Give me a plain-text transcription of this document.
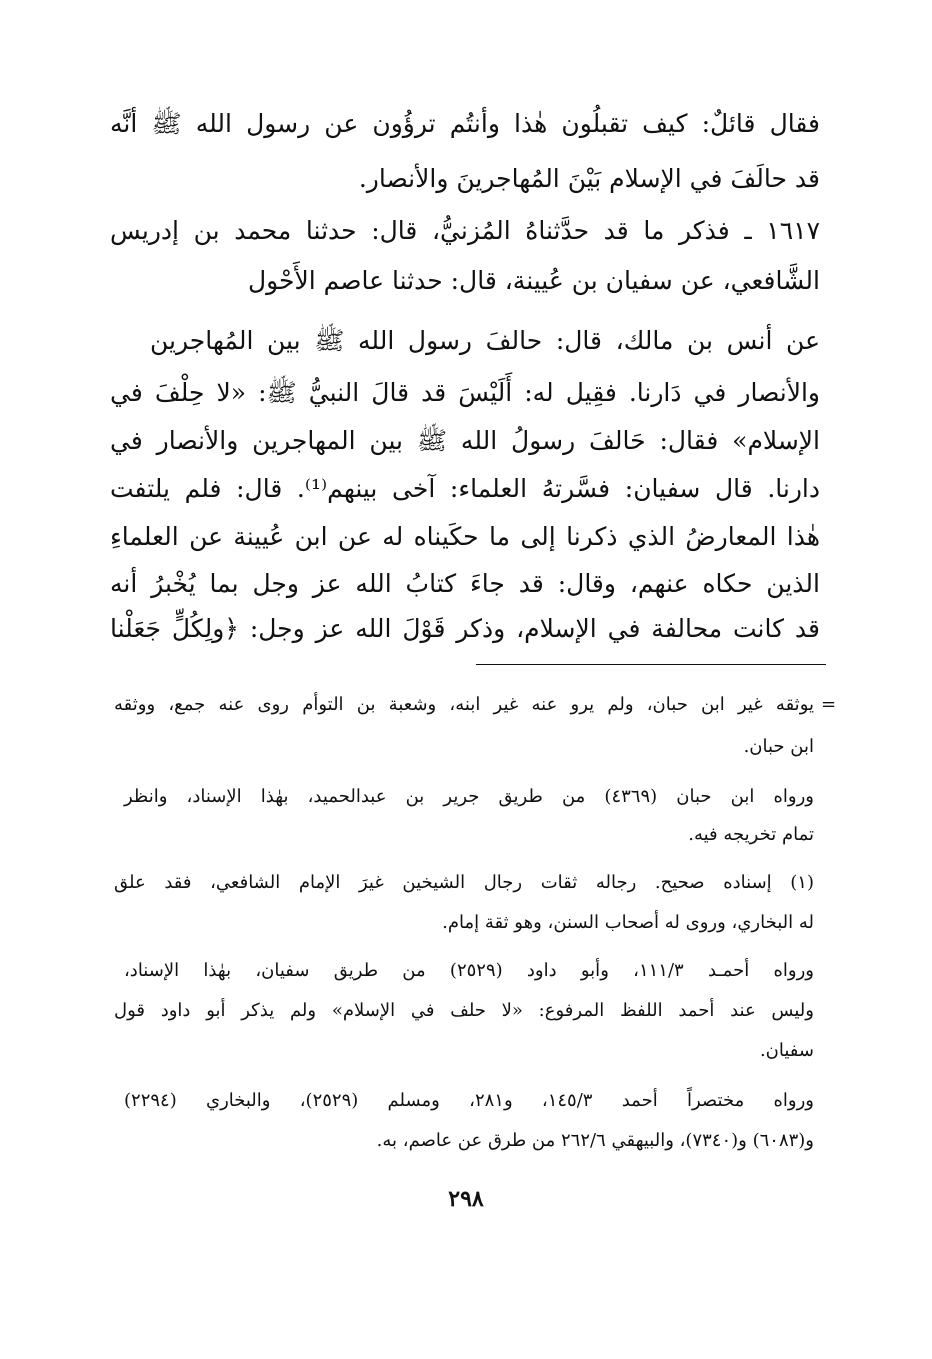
فقال قائلٌ: كيف تقبلُون هٰذا وأنتُم ترؤُون عن رسول الله ﷺ أنَّه
قد حالَفَ في الإسلام بَيْنَ المُهاجرينَ والأنصار.
١٦١٧ ـ فذكر ما قد حدَّثناهُ المُزنيُّ، قال: حدثنا محمد بن إدريس
الشَّافعي، عن سفيان بن عُيينة، قال: حدثنا عاصم الأَحْول
عن أنس بن مالك، قال: حالفَ رسول الله ﷺ بين المُهاجرين
والأنصار في دَارنا. فقِيل له: أَلَيْسَ قد قالَ النبيُّ ﷺ: «لا حِلْفَ في
الإسلام» فقال: حَالفَ رسولُ الله ﷺ بين المهاجرين والأنصار في
دارنا. قال سفيان: فسَّرتهُ العلماء: آخى بينهم⁽¹⁾. قال: فلم يلتفت
هٰذا المعارضُ الذي ذكرنا إلى ما حكَيناه له عن ابن عُيينة عن العلماءِ
الذين حكاه عنهم، وقال: قد جاءَ كتابُ الله عز وجل بما يُخْبرُ أنه
قد كانت محالفة في الإسلام، وذكر قَوْلَ الله عز وجل: ﴿ولِكُلٍّ جَعَلْنا
=
يوثقه غير ابن حبان، ولم يرو عنه غير ابنه، وشعبة بن التوأم روى عنه جمع، ووثقه
ابن حبان.
ورواه ابن حبان (٤٣٦٩) من طريق جرير بن عبدالحميد، بهٰذا الإسناد، وانظر
تمام تخريجه فيه.
(١) إسناده صحيح. رجاله ثقات رجال الشيخين غيرَ الإمام الشافعي، فقد علق
له البخاري، وروى له أصحاب السنن، وهو ثقة إمام.
ورواه أحمـد ١١١/٣، وأبو داود (٢٥٢٩) من طريق سفيان، بهٰذا الإسناد،
وليس عند أحمد اللفظ المرفوع: «لا حلف في الإسلام» ولم يذكر أبو داود قول
سفيان.
ورواه مختصراً أحمد ١٤٥/٣، و٢٨١، ومسلم (٢٥٢٩)، والبخاري (٢٢٩٤)
و(٦٠٨٣) و(٧٣٤٠)، والبيهقي ٢٦٢/٦ من طرق عن عاصم، به.
٢٩٨
